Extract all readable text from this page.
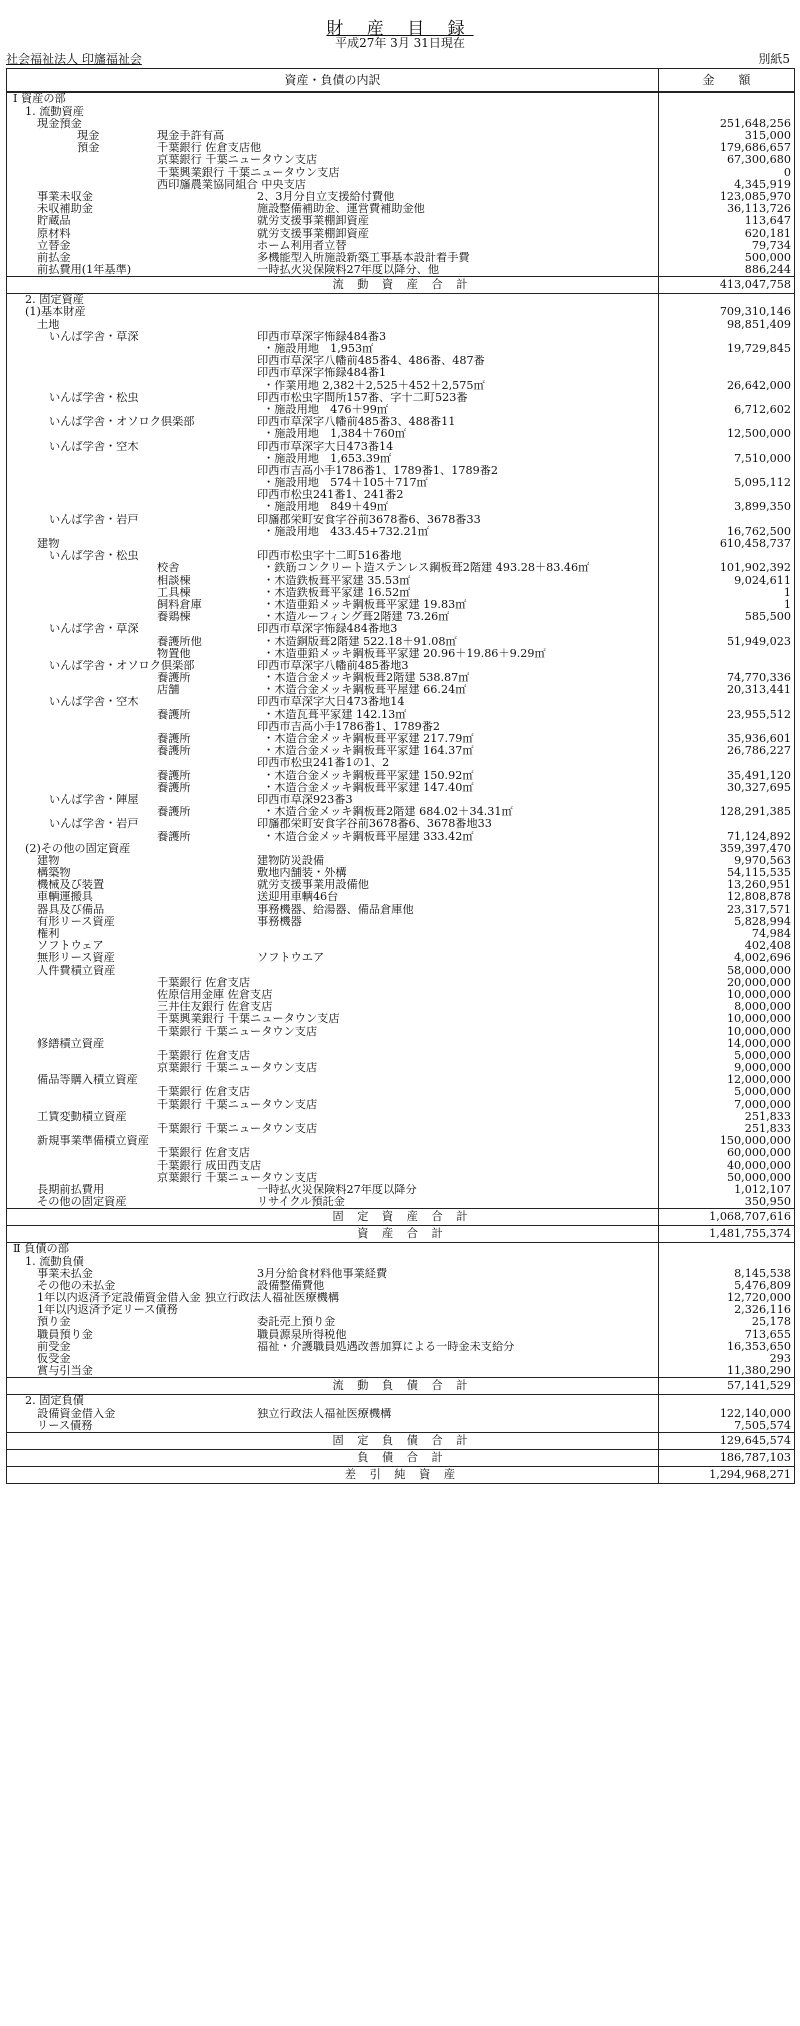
財 産 目 録
平成27年 3月 31日現在
社会福祉法人 印旛福祉会	別紙5
資産・負債の内訳	金　　額
Ⅰ 資産の部	
1. 流動資産	
現金預金	251,648,256
現金 現金手許有高	315,000
預金 千葉銀行 佐倉支店他	179,686,657
京葉銀行 千葉ニュータウン支店	67,300,680
千葉興業銀行 千葉ニュータウン支店	0
西印旛農業協同組合 中央支店	4,345,919
事業未収金 2、3月分自立支援給付費他	123,085,970
未収補助金 施設整備補助金、運営費補助金他	36,113,726
貯蔵品 就労支援事業棚卸資産	113,647
原材料 就労支援事業棚卸資産	620,181
立替金 ホーム利用者立替	79,734
前払金 多機能型入所施設新築工事基本設計着手費	500,000
前払費用(1年基準) 一時払火災保険料27年度以降分、他	886,244
流 動 資 産 合 計	413,047,758
2. 固定資産	
(1)基本財産	709,310,146
土地	98,851,409
いんば学舎・草深 印西市草深字怖録484番3	
・施設用地　1,953㎡	19,729,845
印西市草深字八幡前485番4、486番、487番	
印西市草深字怖録484番1	
・作業用地 2,382＋2,525＋452＋2,575㎡	26,642,000
いんば学舎・松虫 印西市松虫字間所157番、字十二町523番	
・施設用地　476＋99㎡	6,712,602
いんば学舎・オソロク倶楽部 印西市草深字八幡前485番3、488番11	
・施設用地　1,384＋760㎡	12,500,000
いんば学舎・空木 印西市草深字大日473番14	
・施設用地　1,653.39㎡	7,510,000
印西市吉高小手1786番1、1789番1、1789番2	
・施設用地　574＋105＋717㎡	5,095,112
印西市松虫241番1、241番2	
・施設用地　849＋49㎡	3,899,350
いんば学舎・岩戸 印旛郡栄町安食字谷前3678番6、3678番33	
・施設用地　433.45+732.21㎡	16,762,500
建物	610,458,737
いんば学舎・松虫 印西市松虫字十二町516番地	
校舎 ・鉄筋コンクリート造ステンレス鋼板葺2階建 493.28＋83.46㎡	101,902,392
相談棟 ・木造鉄板葺平家建 35.53㎡	9,024,611
工具棟 ・木造鉄板葺平家建 16.52㎡	1
飼料倉庫 ・木造亜鉛メッキ鋼板葺平家建 19.83㎡	1
養鶏棟 ・木造ルーフィング葺2階建 73.26㎡	585,500
いんば学舎・草深 印西市草深字怖録484番地3	
養護所他 ・木造銅版葺2階建 522.18＋91.08㎡	51,949,023
物置他 ・木造亜鉛メッキ鋼板葺平家建 20.96＋19.86＋9.29㎡	
いんば学舎・オソロク倶楽部 印西市草深字八幡前485番地3	
養護所 ・木造合金メッキ鋼板葺2階建 538.87㎡	74,770,336
店舗 ・木造合金メッキ鋼板葺平屋建 66.24㎡	20,313,441
いんば学舎・空木 印西市草深字大日473番地14	
養護所 ・木造瓦葺平家建 142.13㎡	23,955,512
印西市吉高小手1786番1、1789番2	
養護所 ・木造合金メッキ鋼板葺平家建 217.79㎡	35,936,601
養護所 ・木造合金メッキ鋼板葺平家建 164.37㎡	26,786,227
印西市松虫241番1の1、2	
養護所 ・木造合金メッキ鋼板葺平家建 150.92㎡	35,491,120
養護所 ・木造合金メッキ鋼板葺平家建 147.40㎡	30,327,695
いんば学舎・陣屋 印西市草深923番3	
養護所 ・木造合金メッキ鋼板葺2階建 684.02＋34.31㎡	128,291,385
いんば学舎・岩戸 印旛郡栄町安食字谷前3678番6、3678番地33	
養護所 ・木造合金メッキ鋼板葺平屋建 333.42㎡	71,124,892
(2)その他の固定資産	359,397,470
建物 建物防災設備	9,970,563
構築物 敷地内舗装・外構	54,115,535
機械及び装置 就労支援事業用設備他	13,260,951
車輌運搬具 送迎用車輌46台	12,808,878
器具及び備品 事務機器、給湯器、備品倉庫他	23,317,571
有形リース資産 事務機器	5,828,994
権利	74,984
ソフトウェア	402,408
無形リース資産 ソフトウエア	4,002,696
人件費積立資産	58,000,000
千葉銀行 佐倉支店	20,000,000
佐原信用金庫 佐倉支店	10,000,000
三井住友銀行 佐倉支店	8,000,000
千葉興業銀行 千葉ニュータウン支店	10,000,000
千葉銀行 千葉ニュータウン支店	10,000,000
修繕積立資産	14,000,000
千葉銀行 佐倉支店	5,000,000
京葉銀行 千葉ニュータウン支店	9,000,000
備品等購入積立資産	12,000,000
千葉銀行 佐倉支店	5,000,000
千葉銀行 千葉ニュータウン支店	7,000,000
工賃変動積立資産	251,833
千葉銀行 千葉ニュータウン支店	251,833
新規事業準備積立資産	150,000,000
千葉銀行 佐倉支店	60,000,000
千葉銀行 成田西支店	40,000,000
京葉銀行 千葉ニュータウン支店	50,000,000
長期前払費用 一時払火災保険料27年度以降分	1,012,107
その他の固定資産 リサイクル預託金	350,950
固 定 資 産 合 計	1,068,707,616
資 産 合 計	1,481,755,374
Ⅱ 負債の部	
1. 流動負債	
事業未払金 3月分給食材料他事業経費	8,145,538
その他の未払金 設備整備費他	5,476,809
1年以内返済予定設備資金借入金 独立行政法人福祉医療機構	12,720,000
1年以内返済予定リース債務	2,326,116
預り金 委託売上預り金	25,178
職員預り金 職員源泉所得税他	713,655
前受金 福祉・介護職員処遇改善加算による一時金未支給分	16,353,650
仮受金	293
賞与引当金	11,380,290
流 動 負 債 合 計	57,141,529
2. 固定負債	
設備資金借入金 独立行政法人福祉医療機構	122,140,000
リース債務	7,505,574
固 定 負 債 合 計	129,645,574
負 債 合 計	186,787,103
差 引 純 資 産	1,294,968,271
